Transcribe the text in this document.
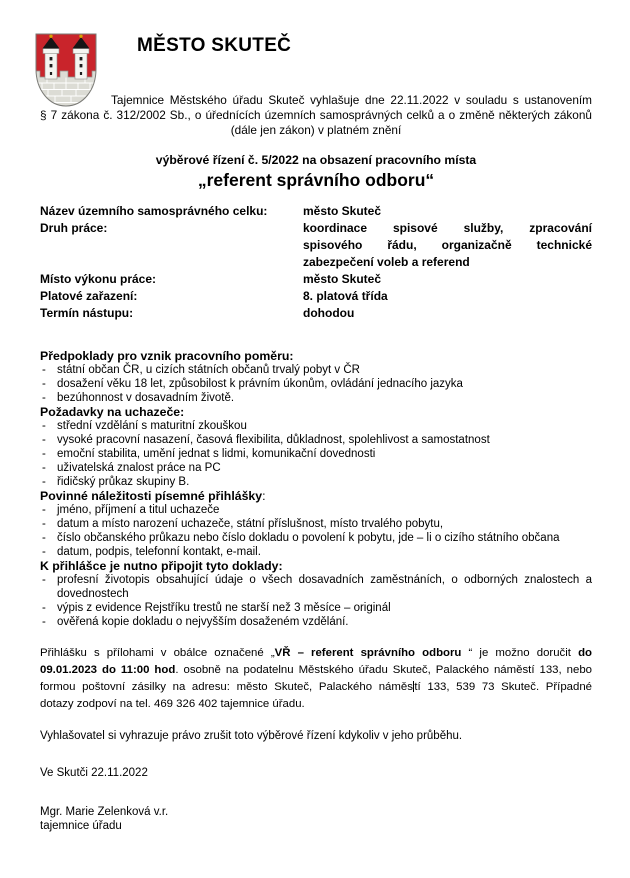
MĚSTO SKUTEČ
Tajemnice Městského úřadu Skuteč vyhlašuje dne 22.11.2022 v souladu s ustanovením
§ 7 zákona č. 312/2002 Sb., o úřednících územních samosprávných celků a o změně některých zákonů
(dále jen zákon) v platném znění
výběrové řízení č. 5/2022 na obsazení pracovního místa
„referent správního odboru“
Název územního samosprávného celku:	město Skuteč
Druh práce:	koordinace spisové služby, zpracování
spisového řádu, organizačně technické
zabezpečení voleb a referend
Místo výkonu práce:	město Skuteč
Platové zařazení:	8. platová třída
Termín nástupu:	dohodou
Předpoklady pro vznik pracovního poměru:
- státní občan ČR, u cizích státních občanů trvalý pobyt v ČR
- dosažení věku 18 let, způsobilost k právním úkonům, ovládání jednacího jazyka
- bezúhonnost v dosavadním životě.
Požadavky na uchazeče:
- střední vzdělání s maturitní zkouškou
- vysoké pracovní nasazení, časová flexibilita, důkladnost, spolehlivost a samostatnost
- emoční stabilita, umění jednat s lidmi, komunikační dovednosti
- uživatelská znalost práce na PC
- řidičský průkaz skupiny B.
Povinné náležitosti písemné přihlášky:
- jméno, příjmení a titul uchazeče
- datum a místo narození uchazeče, státní příslušnost, místo trvalého pobytu,
- číslo občanského průkazu nebo číslo dokladu o povolení k pobytu, jde – li o cizího státního občana
- datum, podpis, telefonní kontakt, e-mail.
K přihlášce je nutno připojit tyto doklady:
- profesní životopis obsahující údaje o všech dosavadních zaměstnáních, o odborných znalostech a
dovednostech
- výpis z evidence Rejstříku trestů ne starší než 3 měsíce – originál
- ověřená kopie dokladu o nejvyšším dosaženém vzdělání.
Přihlášku s přílohami v obálce označené „VŘ – referent správního odboru “ je možno doručit do
09.01.2023 do 11:00 hod. osobně na podatelnu Městského úřadu Skuteč, Palackého náměstí 133, nebo
formou poštovní zásilky na adresu: město Skuteč, Palackého náměs tí 133, 539 73 Skuteč. Případné
dotazy zodpoví na tel. 469 326 402 tajemnice úřadu.

Vyhlašovatel si vyhrazuje právo zrušit toto výběrové řízení kdykoliv v jeho průběhu.

Ve Skutči 22.11.2022

Mgr. Marie Zelenková v.r.

tajemnice úřadu
